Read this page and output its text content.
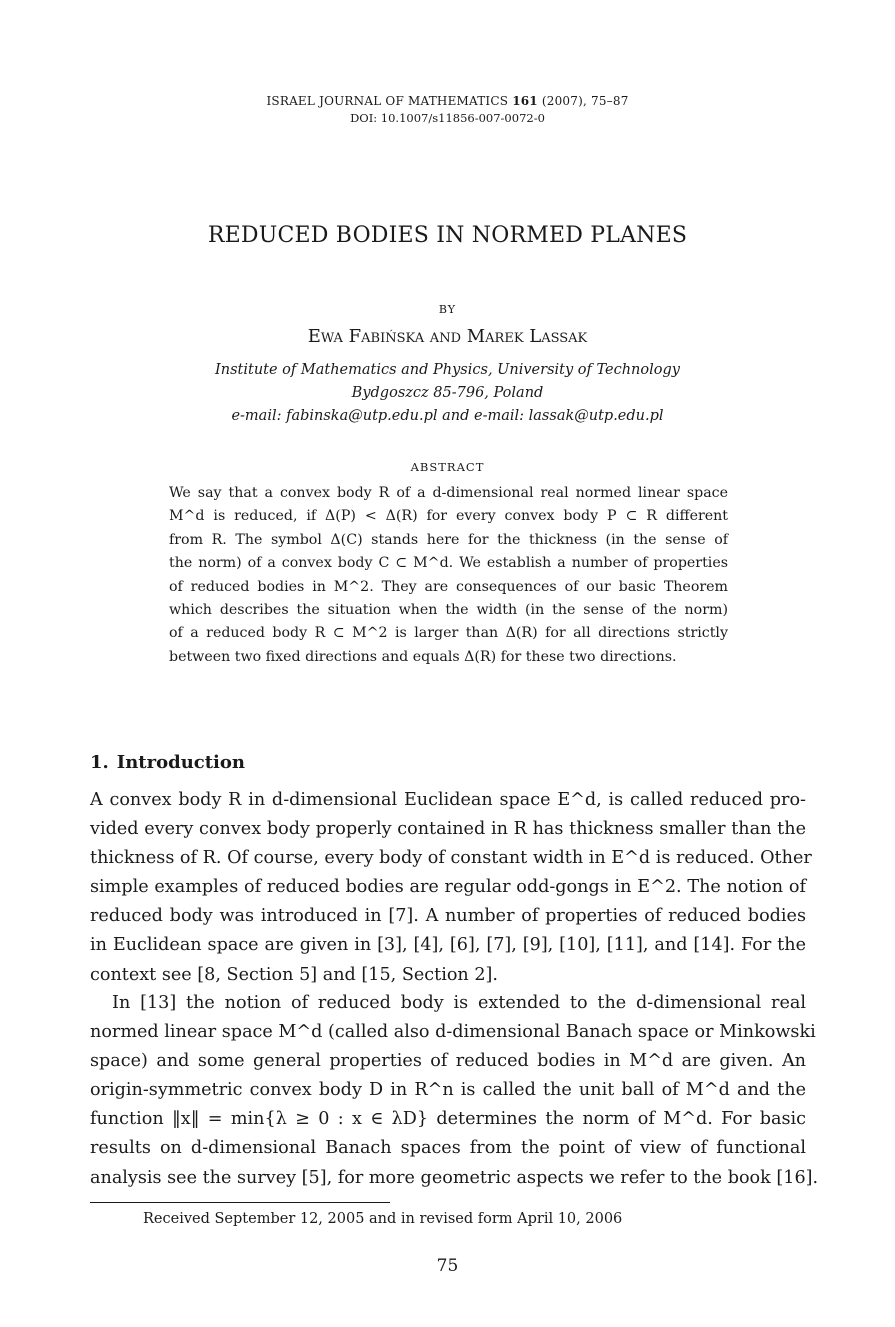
ISRAEL JOURNAL OF MATHEMATICS 161 (2007), 75–87
DOI: 10.1007/s11856-007-0072-0
REDUCED BODIES IN NORMED PLANES
BY
Ewa Fabińska and Marek Lassak
Institute of Mathematics and Physics, University of Technology
Bydgoszcz 85-796, Poland
e-mail: fabinska@utp.edu.pl and e-mail: lassak@utp.edu.pl
ABSTRACT
We say that a convex body R of a d-dimensional real normed linear space
M^d is reduced, if Δ(P) < Δ(R) for every convex body P ⊂ R different
from R. The symbol Δ(C) stands here for the thickness (in the sense of
the norm) of a convex body C ⊂ M^d. We establish a number of properties
of reduced bodies in M^2. They are consequences of our basic Theorem
which describes the situation when the width (in the sense of the norm)
of a reduced body R ⊂ M^2 is larger than Δ(R) for all directions strictly
between two fixed directions and equals Δ(R) for these two directions.
1. Introduction
A convex body R in d-dimensional Euclidean space E^d, is called reduced pro-
vided every convex body properly contained in R has thickness smaller than the
thickness of R. Of course, every body of constant width in E^d is reduced. Other
simple examples of reduced bodies are regular odd-gongs in E^2. The notion of
reduced body was introduced in [7]. A number of properties of reduced bodies
in Euclidean space are given in [3], [4], [6], [7], [9], [10], [11], and [14]. For the
context see [8, Section 5] and [15, Section 2].
In [13] the notion of reduced body is extended to the d-dimensional real
normed linear space M^d (called also d-dimensional Banach space or Minkowski
space) and some general properties of reduced bodies in M^d are given. An
origin-symmetric convex body D in R^n is called the unit ball of M^d and the
function ‖x‖ = min{λ ≥ 0 : x ∈ λD} determines the norm of M^d. For basic
results on d-dimensional Banach spaces from the point of view of functional
analysis see the survey [5], for more geometric aspects we refer to the book [16].
Received September 12, 2005 and in revised form April 10, 2006
75
